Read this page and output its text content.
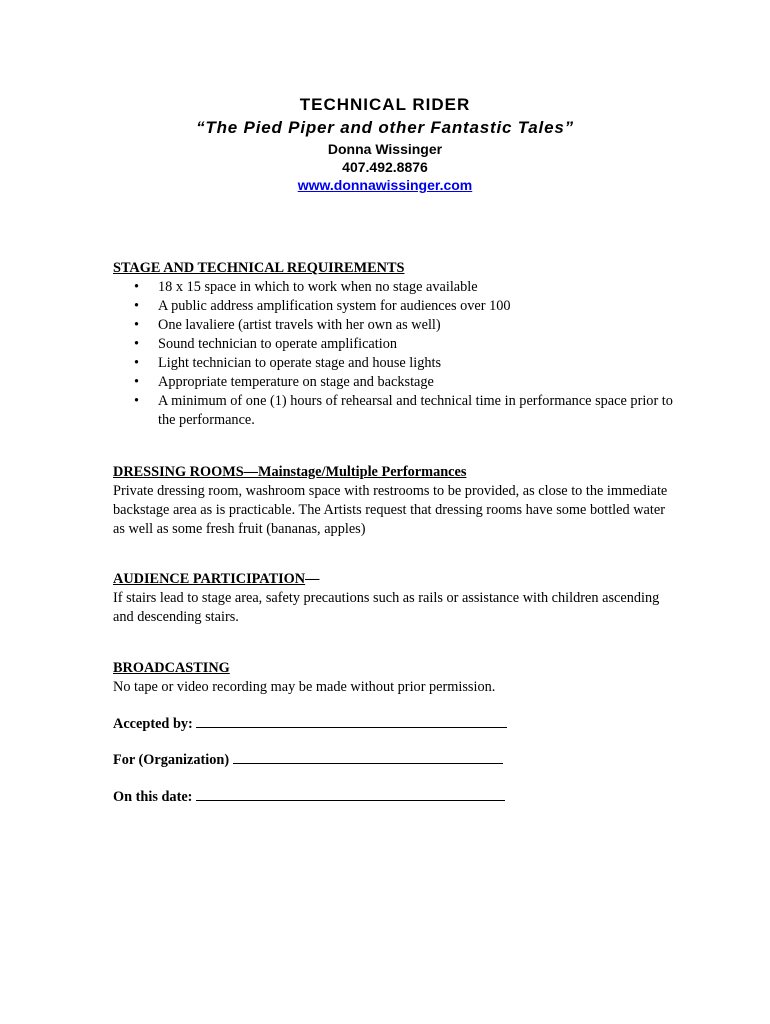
TECHNICAL RIDER
“The Pied Piper and other Fantastic Tales”
Donna Wissinger
407.492.8876
www.donnawissinger.com
STAGE AND TECHNICAL REQUIREMENTS
• 18 x 15 space in which to work when no stage available
• A public address amplification system for audiences over 100
• One lavaliere (artist travels with her own as well)
• Sound technician to operate amplification
• Light technician to operate stage and house lights
• Appropriate temperature on stage and backstage
• A minimum of one (1) hours of rehearsal and technical time in performance space prior to the performance.
DRESSING ROOMS—Mainstage/Multiple Performances
Private dressing room, washroom space with restrooms to be provided, as close to the immediate backstage area as is practicable. The Artists request that dressing rooms have some bottled water as well as some fresh fruit (bananas, apples)
AUDIENCE PARTICIPATION—
If stairs lead to stage area, safety precautions such as rails or assistance with children ascending and descending stairs.
BROADCASTING
No tape or video recording may be made without prior permission.
Accepted by:
For (Organization)
On this date:
